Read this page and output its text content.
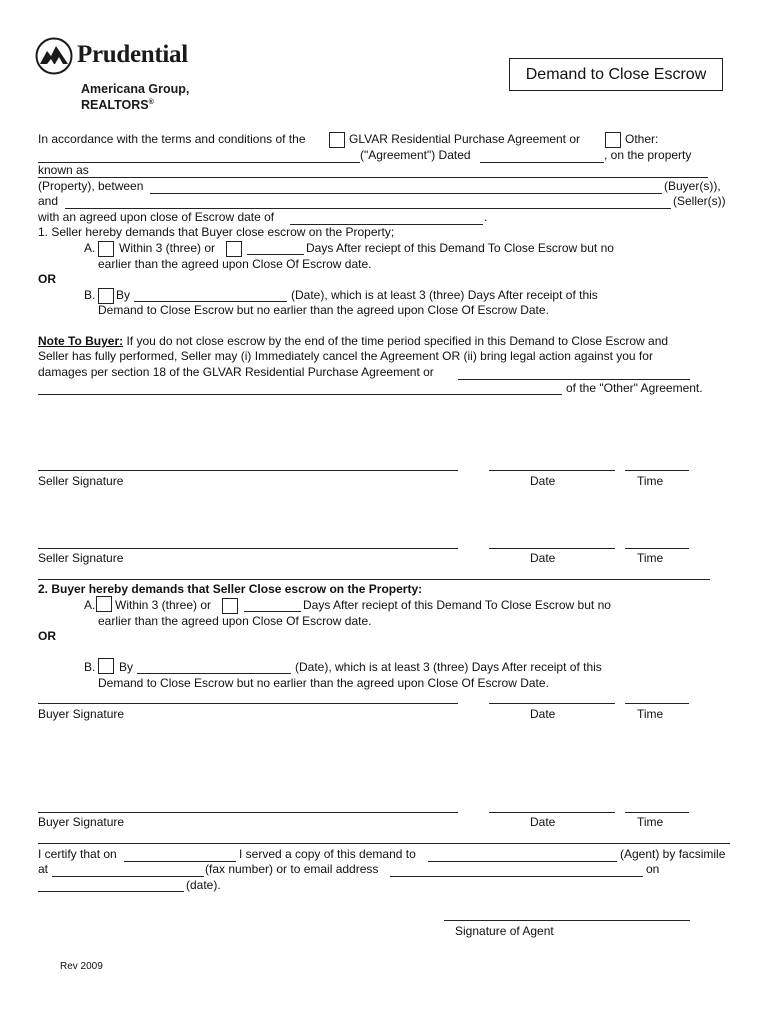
Prudential
Americana Group,
REALTORS®
Demand to Close Escrow
In accordance with the terms and conditions of the	GLVAR Residential Purchase Agreement or	Other:
("Agreement") Dated	, on the property
known as
(Property), between	(Buyer(s)),
and	(Seller(s))
with an agreed upon close of Escrow date of	.
1. Seller hereby demands that Buyer close escrow on the Property;
A. Within 3 (three) or	Days After reciept of this Demand To Close Escrow but no
earlier than the agreed upon Close Of Escrow date.
OR
B. By	(Date), which is at least 3 (three) Days After receipt of this
Demand to Close Escrow but no earlier than the agreed upon Close Of Escrow Date.
Note To Buyer: If you do not close escrow by the end of the time period specified in this Demand to Close Escrow and
Seller has fully performed, Seller may (i) Immediately cancel the Agreement OR (ii) bring legal action against you for
damages per section 18 of the GLVAR Residential Purchase Agreement or
of the "Other" Agreement.
Seller Signature	Date	Time
Seller Signature	Date	Time
2. Buyer hereby demands that Seller Close escrow on the Property:
A. Within 3 (three) or	Days After reciept of this Demand To Close Escrow but no
earlier than the agreed upon Close Of Escrow date.
OR
B. By	(Date), which is at least 3 (three) Days After receipt of this
Demand to Close Escrow but no earlier than the agreed upon Close Of Escrow Date.
Buyer Signature	Date	Time
Buyer Signature	Date	Time
I certify that on	I served a copy of this demand to	(Agent) by facsimile
at	(fax number) or to email address	on
(date).
Signature of Agent
Rev 2009
